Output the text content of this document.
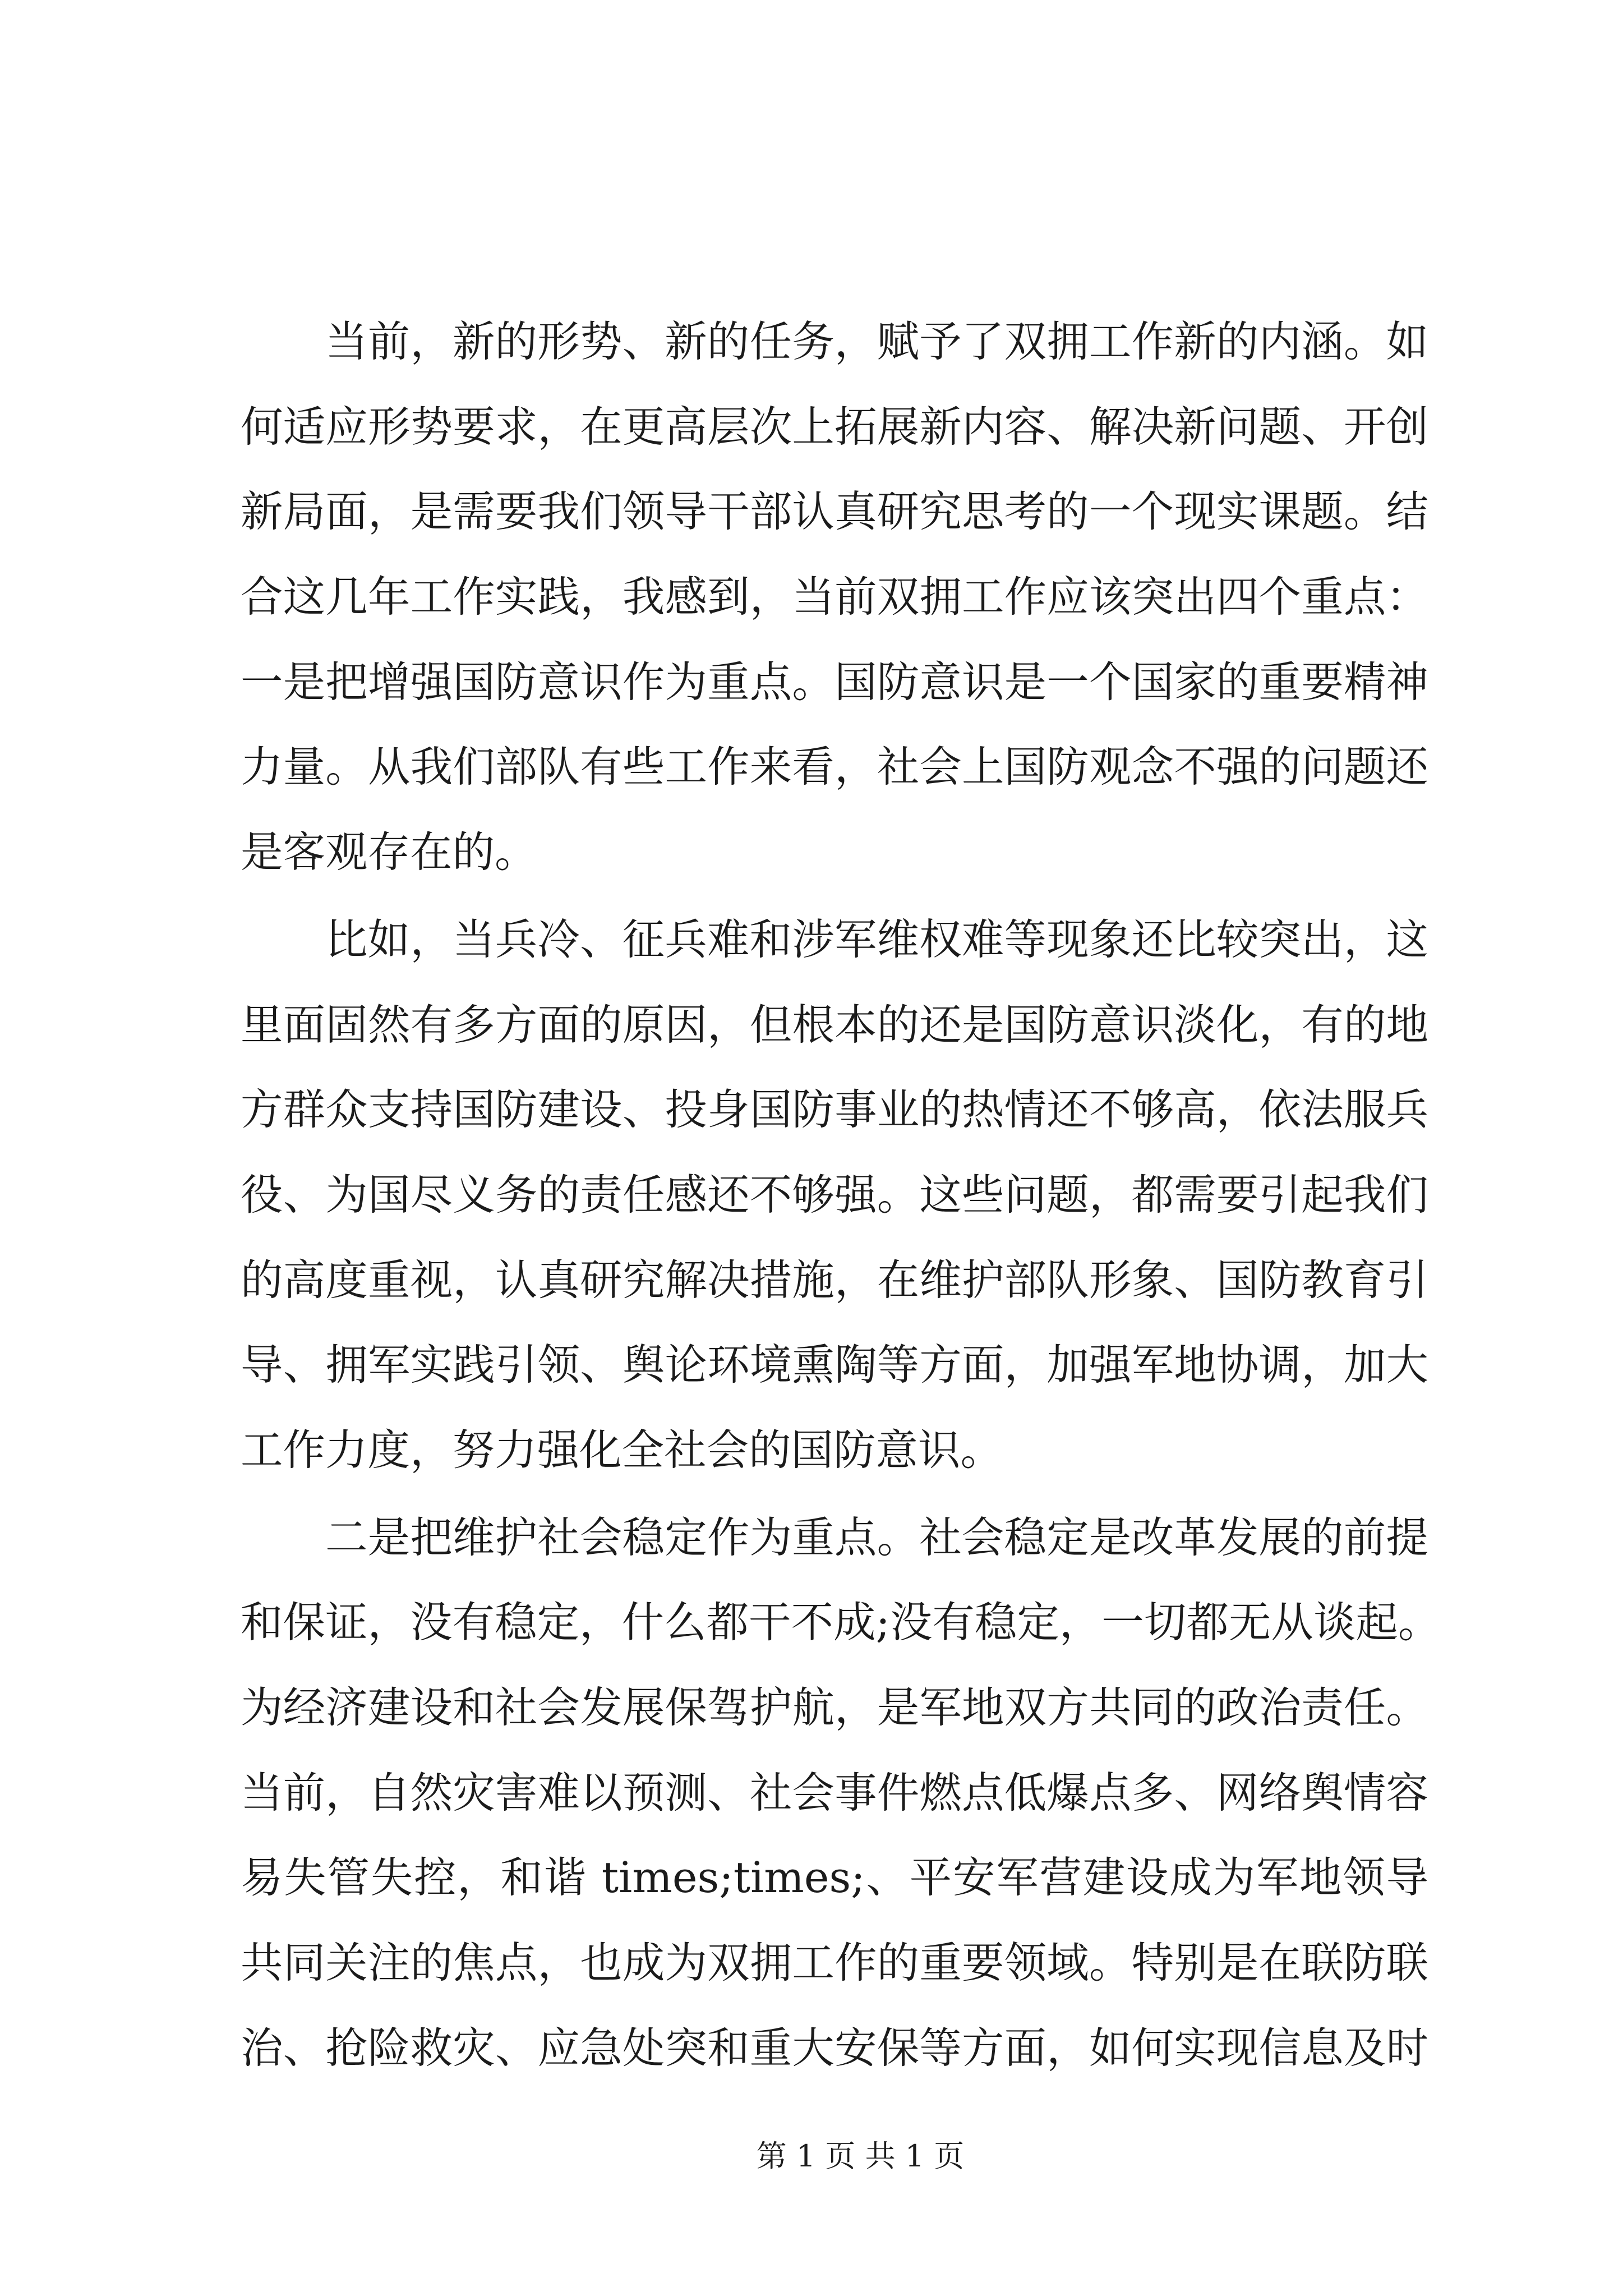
当前，新的形势、新的任务，赋予了双拥工作新的内涵。如
何适应形势要求，在更高层次上拓展新内容、解决新问题、开创
新局面，是需要我们领导干部认真研究思考的一个现实课题。结
合这几年工作实践，我感到，当前双拥工作应该突出四个重点：
一是把增强国防意识作为重点。国防意识是一个国家的重要精神
力量。从我们部队有些工作来看，社会上国防观念不强的问题还
是客观存在的。
比如，当兵冷、征兵难和涉军维权难等现象还比较突出，这
里面固然有多方面的原因，但根本的还是国防意识淡化，有的地
方群众支持国防建设、投身国防事业的热情还不够高，依法服兵
役、为国尽义务的责任感还不够强。这些问题，都需要引起我们
的高度重视，认真研究解决措施，在维护部队形象、国防教育引
导、拥军实践引领、舆论环境熏陶等方面，加强军地协调，加大
工作力度，努力强化全社会的国防意识。
二是把维护社会稳定作为重点。社会稳定是改革发展的前提
和保证，没有稳定，什么都干不成;没有稳定，一切都无从谈起。
为经济建设和社会发展保驾护航，是军地双方共同的政治责任。
当前，自然灾害难以预测、社会事件燃点低爆点多、网络舆情容
易失管失控，和谐 times;times;、平安军营建设成为军地领导
共同关注的焦点，也成为双拥工作的重要领域。特别是在联防联
治、抢险救灾、应急处突和重大安保等方面，如何实现信息及时
第 1 页 共 1 页
